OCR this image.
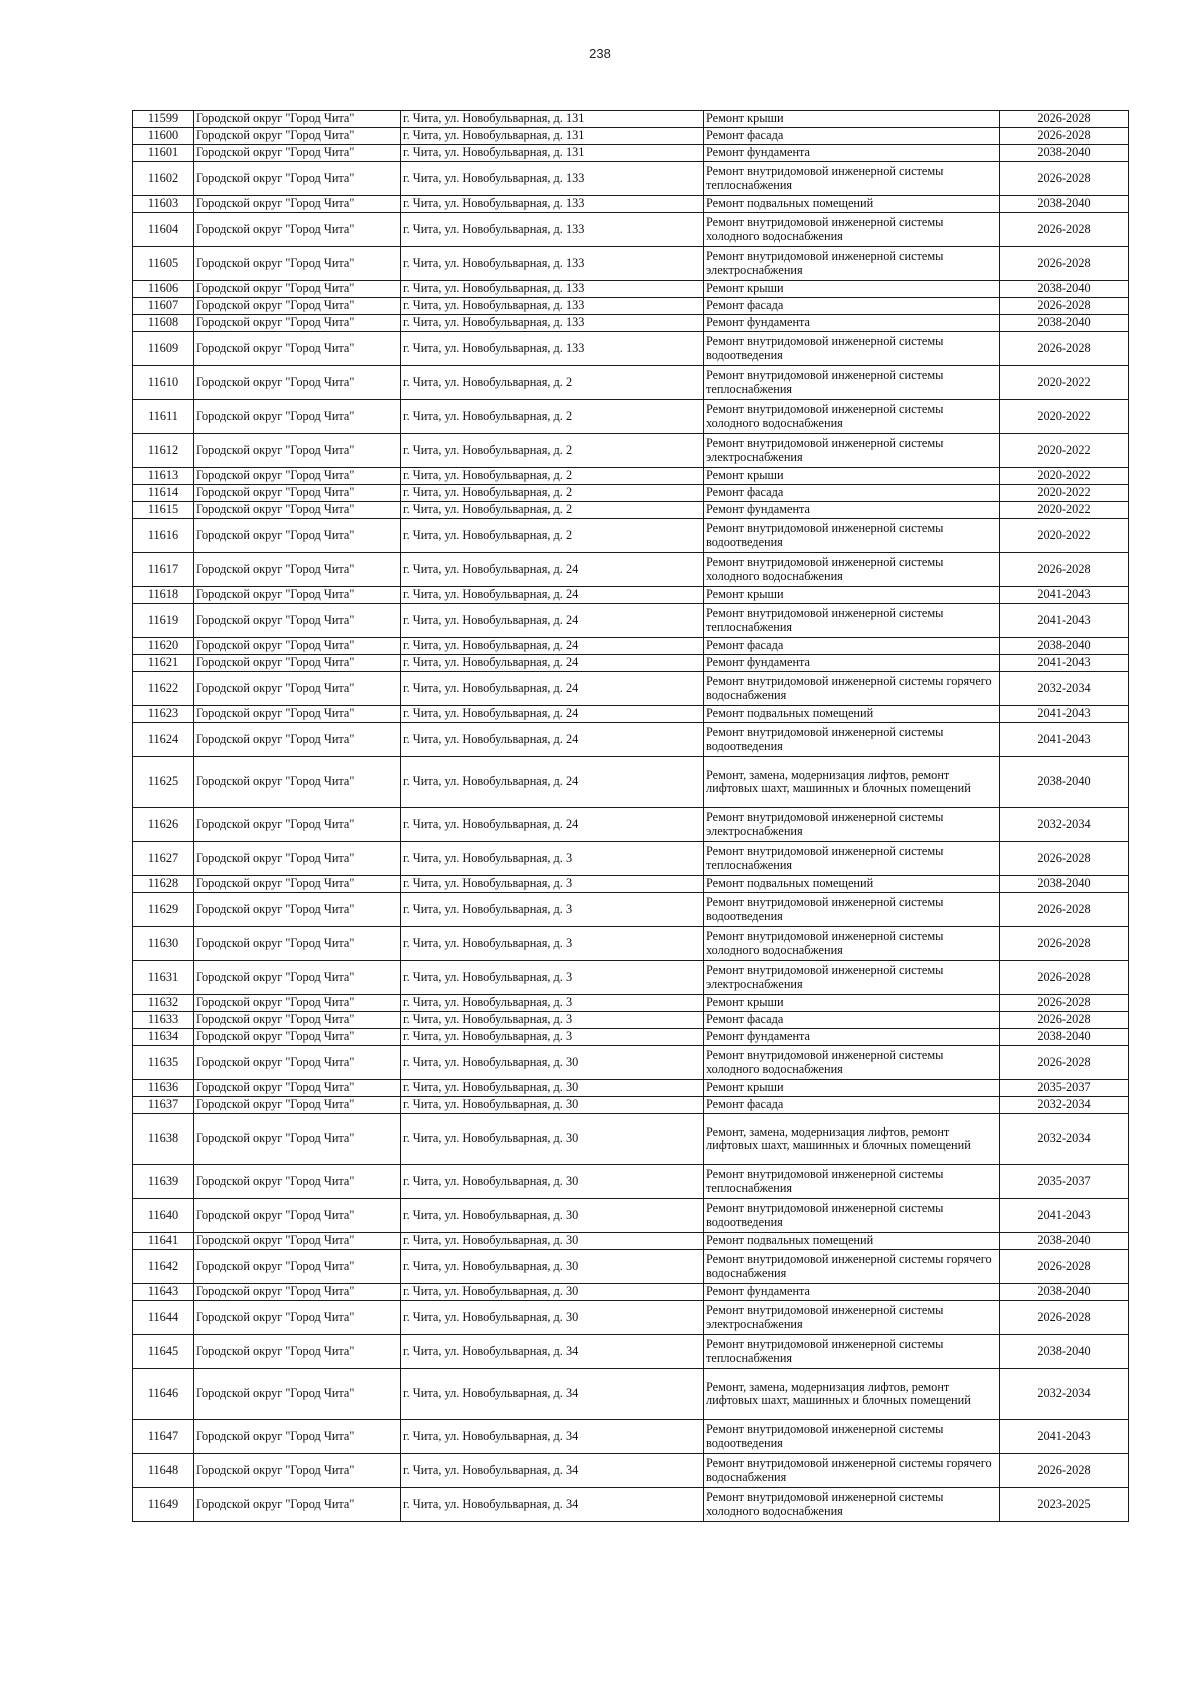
238
11599	Городской округ "Город Чита"	г. Чита, ул. Новобульварная, д. 131	Ремонт крыши	2026-2028
11600	Городской округ "Город Чита"	г. Чита, ул. Новобульварная, д. 131	Ремонт фасада	2026-2028
11601	Городской округ "Город Чита"	г. Чита, ул. Новобульварная, д. 131	Ремонт фундамента	2038-2040
11602	Городской округ "Город Чита"	г. Чита, ул. Новобульварная, д. 133	Ремонт внутридомовой инженерной системы теплоснабжения	2026-2028
11603	Городской округ "Город Чита"	г. Чита, ул. Новобульварная, д. 133	Ремонт подвальных помещений	2038-2040
11604	Городской округ "Город Чита"	г. Чита, ул. Новобульварная, д. 133	Ремонт внутридомовой инженерной системы холодного водоснабжения	2026-2028
11605	Городской округ "Город Чита"	г. Чита, ул. Новобульварная, д. 133	Ремонт внутридомовой инженерной системы электроснабжения	2026-2028
11606	Городской округ "Город Чита"	г. Чита, ул. Новобульварная, д. 133	Ремонт крыши	2038-2040
11607	Городской округ "Город Чита"	г. Чита, ул. Новобульварная, д. 133	Ремонт фасада	2026-2028
11608	Городской округ "Город Чита"	г. Чита, ул. Новобульварная, д. 133	Ремонт фундамента	2038-2040
11609	Городской округ "Город Чита"	г. Чита, ул. Новобульварная, д. 133	Ремонт внутридомовой инженерной системы водоотведения	2026-2028
11610	Городской округ "Город Чита"	г. Чита, ул. Новобульварная, д. 2	Ремонт внутридомовой инженерной системы теплоснабжения	2020-2022
11611	Городской округ "Город Чита"	г. Чита, ул. Новобульварная, д. 2	Ремонт внутридомовой инженерной системы холодного водоснабжения	2020-2022
11612	Городской округ "Город Чита"	г. Чита, ул. Новобульварная, д. 2	Ремонт внутридомовой инженерной системы электроснабжения	2020-2022
11613	Городской округ "Город Чита"	г. Чита, ул. Новобульварная, д. 2	Ремонт крыши	2020-2022
11614	Городской округ "Город Чита"	г. Чита, ул. Новобульварная, д. 2	Ремонт фасада	2020-2022
11615	Городской округ "Город Чита"	г. Чита, ул. Новобульварная, д. 2	Ремонт фундамента	2020-2022
11616	Городской округ "Город Чита"	г. Чита, ул. Новобульварная, д. 2	Ремонт внутридомовой инженерной системы водоотведения	2020-2022
11617	Городской округ "Город Чита"	г. Чита, ул. Новобульварная, д. 24	Ремонт внутридомовой инженерной системы холодного водоснабжения	2026-2028
11618	Городской округ "Город Чита"	г. Чита, ул. Новобульварная, д. 24	Ремонт крыши	2041-2043
11619	Городской округ "Город Чита"	г. Чита, ул. Новобульварная, д. 24	Ремонт внутридомовой инженерной системы теплоснабжения	2041-2043
11620	Городской округ "Город Чита"	г. Чита, ул. Новобульварная, д. 24	Ремонт фасада	2038-2040
11621	Городской округ "Город Чита"	г. Чита, ул. Новобульварная, д. 24	Ремонт фундамента	2041-2043
11622	Городской округ "Город Чита"	г. Чита, ул. Новобульварная, д. 24	Ремонт внутридомовой инженерной системы горячего водоснабжения	2032-2034
11623	Городской округ "Город Чита"	г. Чита, ул. Новобульварная, д. 24	Ремонт подвальных помещений	2041-2043
11624	Городской округ "Город Чита"	г. Чита, ул. Новобульварная, д. 24	Ремонт внутридомовой инженерной системы водоотведения	2041-2043
11625	Городской округ "Город Чита"	г. Чита, ул. Новобульварная, д. 24	Ремонт, замена, модернизация лифтов, ремонт лифтовых шахт, машинных и блочных помещений	2038-2040
11626	Городской округ "Город Чита"	г. Чита, ул. Новобульварная, д. 24	Ремонт внутридомовой инженерной системы электроснабжения	2032-2034
11627	Городской округ "Город Чита"	г. Чита, ул. Новобульварная, д. 3	Ремонт внутридомовой инженерной системы теплоснабжения	2026-2028
11628	Городской округ "Город Чита"	г. Чита, ул. Новобульварная, д. 3	Ремонт подвальных помещений	2038-2040
11629	Городской округ "Город Чита"	г. Чита, ул. Новобульварная, д. 3	Ремонт внутридомовой инженерной системы водоотведения	2026-2028
11630	Городской округ "Город Чита"	г. Чита, ул. Новобульварная, д. 3	Ремонт внутридомовой инженерной системы холодного водоснабжения	2026-2028
11631	Городской округ "Город Чита"	г. Чита, ул. Новобульварная, д. 3	Ремонт внутридомовой инженерной системы электроснабжения	2026-2028
11632	Городской округ "Город Чита"	г. Чита, ул. Новобульварная, д. 3	Ремонт крыши	2026-2028
11633	Городской округ "Город Чита"	г. Чита, ул. Новобульварная, д. 3	Ремонт фасада	2026-2028
11634	Городской округ "Город Чита"	г. Чита, ул. Новобульварная, д. 3	Ремонт фундамента	2038-2040
11635	Городской округ "Город Чита"	г. Чита, ул. Новобульварная, д. 30	Ремонт внутридомовой инженерной системы холодного водоснабжения	2026-2028
11636	Городской округ "Город Чита"	г. Чита, ул. Новобульварная, д. 30	Ремонт крыши	2035-2037
11637	Городской округ "Город Чита"	г. Чита, ул. Новобульварная, д. 30	Ремонт фасада	2032-2034
11638	Городской округ "Город Чита"	г. Чита, ул. Новобульварная, д. 30	Ремонт, замена, модернизация лифтов, ремонт лифтовых шахт, машинных и блочных помещений	2032-2034
11639	Городской округ "Город Чита"	г. Чита, ул. Новобульварная, д. 30	Ремонт внутридомовой инженерной системы теплоснабжения	2035-2037
11640	Городской округ "Город Чита"	г. Чита, ул. Новобульварная, д. 30	Ремонт внутридомовой инженерной системы водоотведения	2041-2043
11641	Городской округ "Город Чита"	г. Чита, ул. Новобульварная, д. 30	Ремонт подвальных помещений	2038-2040
11642	Городской округ "Город Чита"	г. Чита, ул. Новобульварная, д. 30	Ремонт внутридомовой инженерной системы горячего водоснабжения	2026-2028
11643	Городской округ "Город Чита"	г. Чита, ул. Новобульварная, д. 30	Ремонт фундамента	2038-2040
11644	Городской округ "Город Чита"	г. Чита, ул. Новобульварная, д. 30	Ремонт внутридомовой инженерной системы электроснабжения	2026-2028
11645	Городской округ "Город Чита"	г. Чита, ул. Новобульварная, д. 34	Ремонт внутридомовой инженерной системы теплоснабжения	2038-2040
11646	Городской округ "Город Чита"	г. Чита, ул. Новобульварная, д. 34	Ремонт, замена, модернизация лифтов, ремонт лифтовых шахт, машинных и блочных помещений	2032-2034
11647	Городской округ "Город Чита"	г. Чита, ул. Новобульварная, д. 34	Ремонт внутридомовой инженерной системы водоотведения	2041-2043
11648	Городской округ "Город Чита"	г. Чита, ул. Новобульварная, д. 34	Ремонт внутридомовой инженерной системы горячего водоснабжения	2026-2028
11649	Городской округ "Город Чита"	г. Чита, ул. Новобульварная, д. 34	Ремонт внутридомовой инженерной системы холодного водоснабжения	2023-2025
